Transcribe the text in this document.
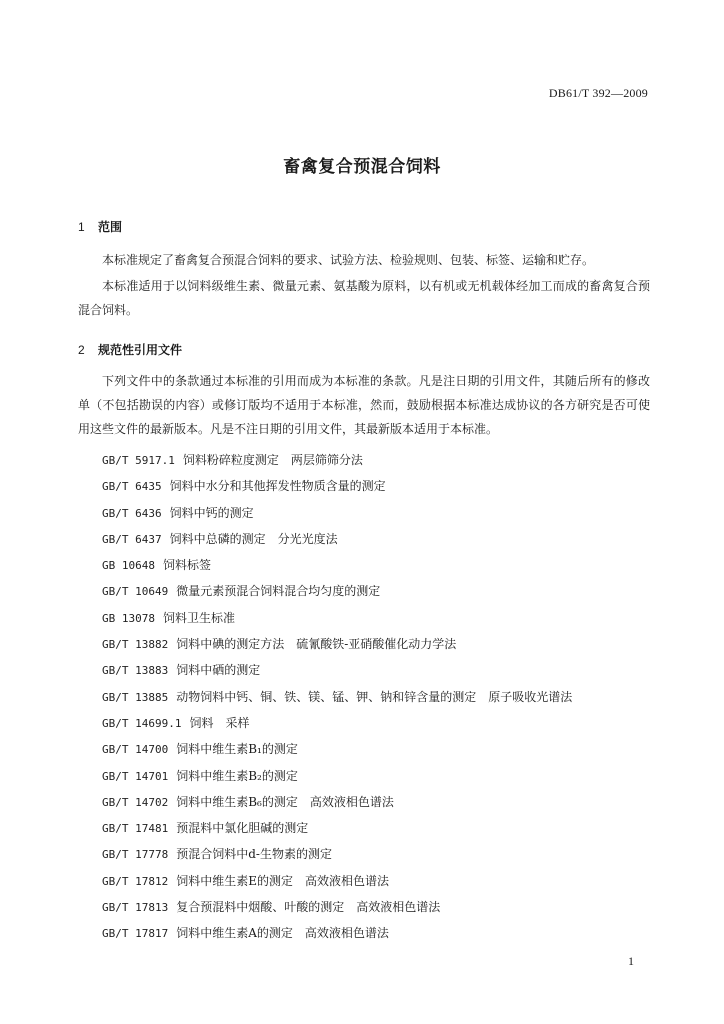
DB61/T 392—2009
畜禽复合预混合饲料
1 范围

本标准规定了畜禽复合预混合饲料的要求、试验方法、检验规则、包装、标签、运输和贮存。

本标准适用于以饲料级维生素、微量元素、氨基酸为原料，以有机或无机载体经加工而成的畜禽复合预混合饲料。

2 规范性引用文件

下列文件中的条款通过本标准的引用而成为本标准的条款。凡是注日期的引用文件，其随后所有的修改单（不包括勘误的内容）或修订版均不适用于本标准，然而，鼓励根据本标准达成协议的各方研究是否可使用这些文件的最新版本。凡是不注日期的引用文件，其最新版本适用于本标准。

GB/T 5917.1 饲料粉碎粒度测定　两层筛筛分法
GB/T 6435 饲料中水分和其他挥发性物质含量的测定
GB/T 6436 饲料中钙的测定
GB/T 6437 饲料中总磷的测定　分光光度法
GB 10648 饲料标签
GB/T 10649 微量元素预混合饲料混合均匀度的测定
GB 13078 饲料卫生标准
GB/T 13882 饲料中碘的测定方法　硫氰酸铁-亚硝酸催化动力学法
GB/T 13883 饲料中硒的测定
GB/T 13885 动物饲料中钙、铜、铁、镁、锰、钾、钠和锌含量的测定　原子吸收光谱法
GB/T 14699.1 饲料　采样
GB/T 14700 饲料中维生素B₁的测定
GB/T 14701 饲料中维生素B₂的测定
GB/T 14702 饲料中维生素B₆的测定　高效液相色谱法
GB/T 17481 预混料中氯化胆碱的测定
GB/T 17778 预混合饲料中d-生物素的测定
GB/T 17812 饲料中维生素E的测定　高效液相色谱法
GB/T 17813 复合预混料中烟酸、叶酸的测定　高效液相色谱法
GB/T 17817 饲料中维生素A的测定　高效液相色谱法
1
